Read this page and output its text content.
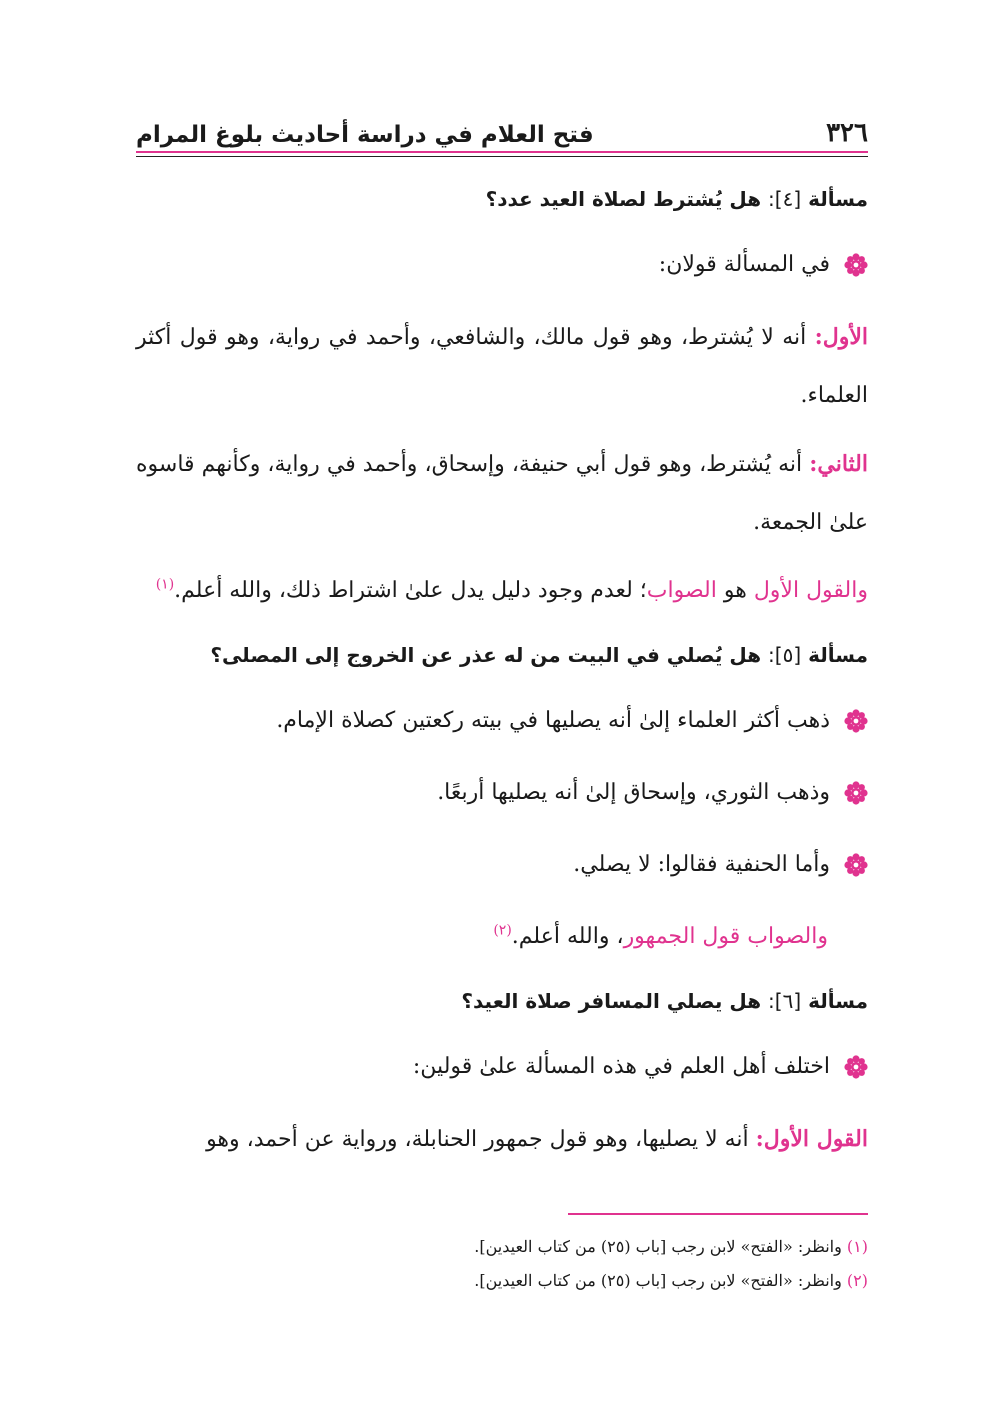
٣٢٦
فتح العلام في دراسة أحاديث بلوغ المرام
مسألة [٤]: هل يُشترط لصلاة العيد عدد؟
في المسألة قولان:
الأول: أنه لا يُشترط، وهو قول مالك، والشافعي، وأحمد في رواية، وهو قول أكثر العلماء.
الثاني: أنه يُشترط، وهو قول أبي حنيفة، وإسحاق، وأحمد في رواية، وكأنهم قاسوه علىٰ الجمعة.
والقول الأول هو الصواب؛ لعدم وجود دليل يدل علىٰ اشتراط ذلك، والله أعلم.$^{(١)}$
مسألة [٥]: هل يُصلي في البيت من له عذر عن الخروج إلى المصلى؟
ذهب أكثر العلماء إلىٰ أنه يصليها في بيته ركعتين كصلاة الإمام.
وذهب الثوري، وإسحاق إلىٰ أنه يصليها أربعًا.
وأما الحنفية فقالوا: لا يصلي.
والصواب قول الجمهور، والله أعلم.$^{(٢)}$
مسألة [٦]: هل يصلي المسافر صلاة العيد؟
اختلف أهل العلم في هذه المسألة علىٰ قولين:
القول الأول: أنه لا يصليها، وهو قول جمهور الحنابلة، ورواية عن أحمد، وهو
(١) وانظر: «الفتح» لابن رجب [باب (٢٥) من كتاب العيدين].
(٢) وانظر: «الفتح» لابن رجب [باب (٢٥) من كتاب العيدين].
